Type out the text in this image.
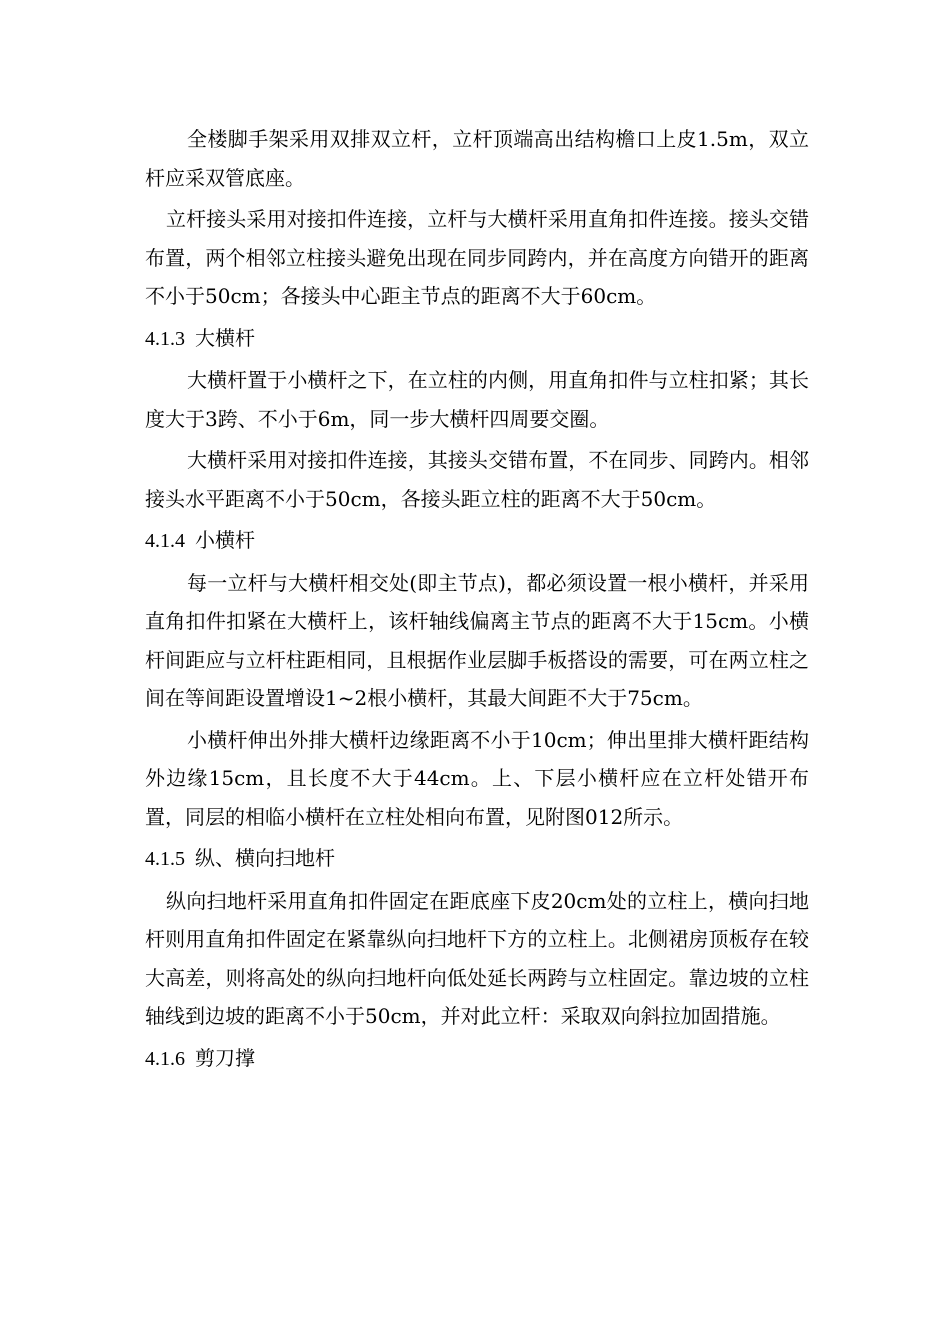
全楼脚手架采用双排双立杆，立杆顶端高出结构檐口上皮1.5m，双立杆应采双管底座。

立杆接头采用对接扣件连接，立杆与大横杆采用直角扣件连接。接头交错布置，两个相邻立柱接头避免出现在同步同跨内，并在高度方向错开的距离不小于50cm；各接头中心距主节点的距离不大于60cm。

4.1.3 大横杆

大横杆置于小横杆之下，在立柱的内侧，用直角扣件与立柱扣紧；其长度大于3跨、不小于6m，同一步大横杆四周要交圈。

大横杆采用对接扣件连接，其接头交错布置，不在同步、同跨内。相邻接头水平距离不小于50cm，各接头距立柱的距离不大于50cm。

4.1.4 小横杆

每一立杆与大横杆相交处(即主节点)，都必须设置一根小横杆，并采用直角扣件扣紧在大横杆上，该杆轴线偏离主节点的距离不大于15cm。小横杆间距应与立杆柱距相同，且根据作业层脚手板搭设的需要，可在两立柱之间在等间距设置增设1~2根小横杆，其最大间距不大于75cm。

小横杆伸出外排大横杆边缘距离不小于10cm；伸出里排大横杆距结构外边缘15cm，且长度不大于44cm。上、下层小横杆应在立杆处错开布置，同层的相临小横杆在立柱处相向布置，见附图012所示。

4.1.5 纵、横向扫地杆

纵向扫地杆采用直角扣件固定在距底座下皮20cm处的立柱上，横向扫地杆则用直角扣件固定在紧靠纵向扫地杆下方的立柱上。北侧裙房顶板存在较大高差，则将高处的纵向扫地杆向低处延长两跨与立柱固定。靠边坡的立柱轴线到边坡的距离不小于50cm，并对此立杆：采取双向斜拉加固措施。

4.1.6 剪刀撑
